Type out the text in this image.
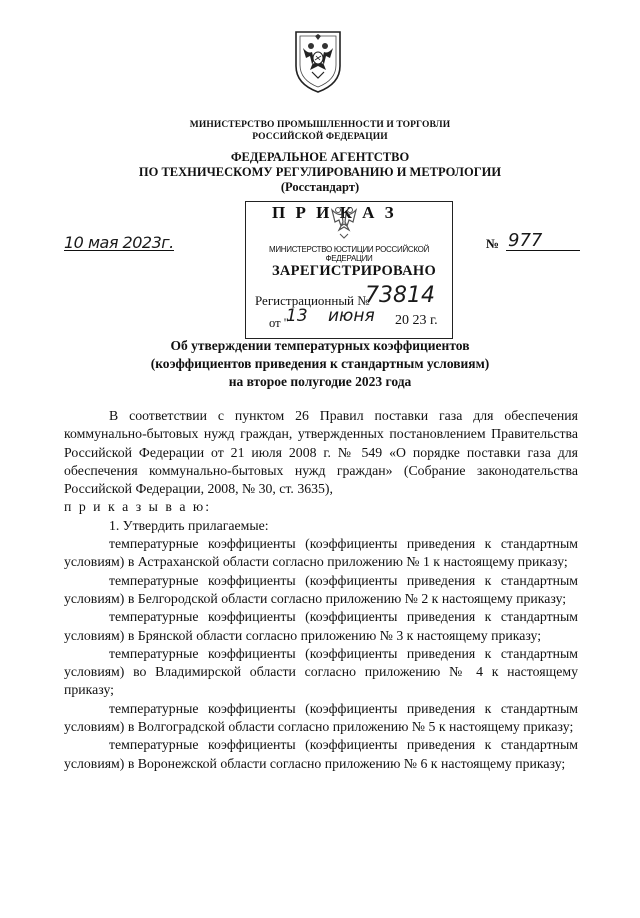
МИНИСТЕРСТВО ПРОМЫШЛЕННОСТИ И ТОРГОВЛИ
РОССИЙСКОЙ ФЕДЕРАЦИИ
ФЕДЕРАЛЬНОЕ АГЕНТСТВО
ПО ТЕХНИЧЕСКОМУ РЕГУЛИРОВАНИЮ И МЕТРОЛОГИИ
(Росстандарт)
10 мая 2023г.	№ 977
П Р И К А З
МИНИСТЕРСТВО ЮСТИЦИИ РОССИЙСКОЙ ФЕДЕРАЦИИ
ЗАРЕГИСТРИРОВАНО
Регистрационный №
73814
от "
13 июня 20 23 г.
Об утверждении температурных коэффициентов
(коэффициентов приведения к стандартным условиям)
на второе полугодие 2023 года

В соответствии с пунктом 26 Правил поставки газа для обеспечения коммунально-бытовых нужд граждан, утвержденных постановлением Правительства Российской Федерации от 21 июля 2008 г. № 549 «О порядке поставки газа для обеспечения коммунально-бытовых нужд граждан» (Собрание законодательства Российской Федерации, 2008, № 30, ст. 3635),

п р и к а з ы в а ю:

1. Утвердить прилагаемые:

температурные коэффициенты (коэффициенты приведения к стандартным условиям) в Астраханской области согласно приложению № 1 к настоящему приказу;

температурные коэффициенты (коэффициенты приведения к стандартным условиям) в Белгородской области согласно приложению № 2 к настоящему приказу;

температурные коэффициенты (коэффициенты приведения к стандартным условиям) в Брянской области согласно приложению № 3 к настоящему приказу;

температурные коэффициенты (коэффициенты приведения к стандартным условиям) во Владимирской области согласно приложению № 4 к настоящему приказу;

температурные коэффициенты (коэффициенты приведения к стандартным условиям) в Волгоградской области согласно приложению № 5 к настоящему приказу;

температурные коэффициенты (коэффициенты приведения к стандартным условиям) в Воронежской области согласно приложению № 6 к настоящему приказу;
